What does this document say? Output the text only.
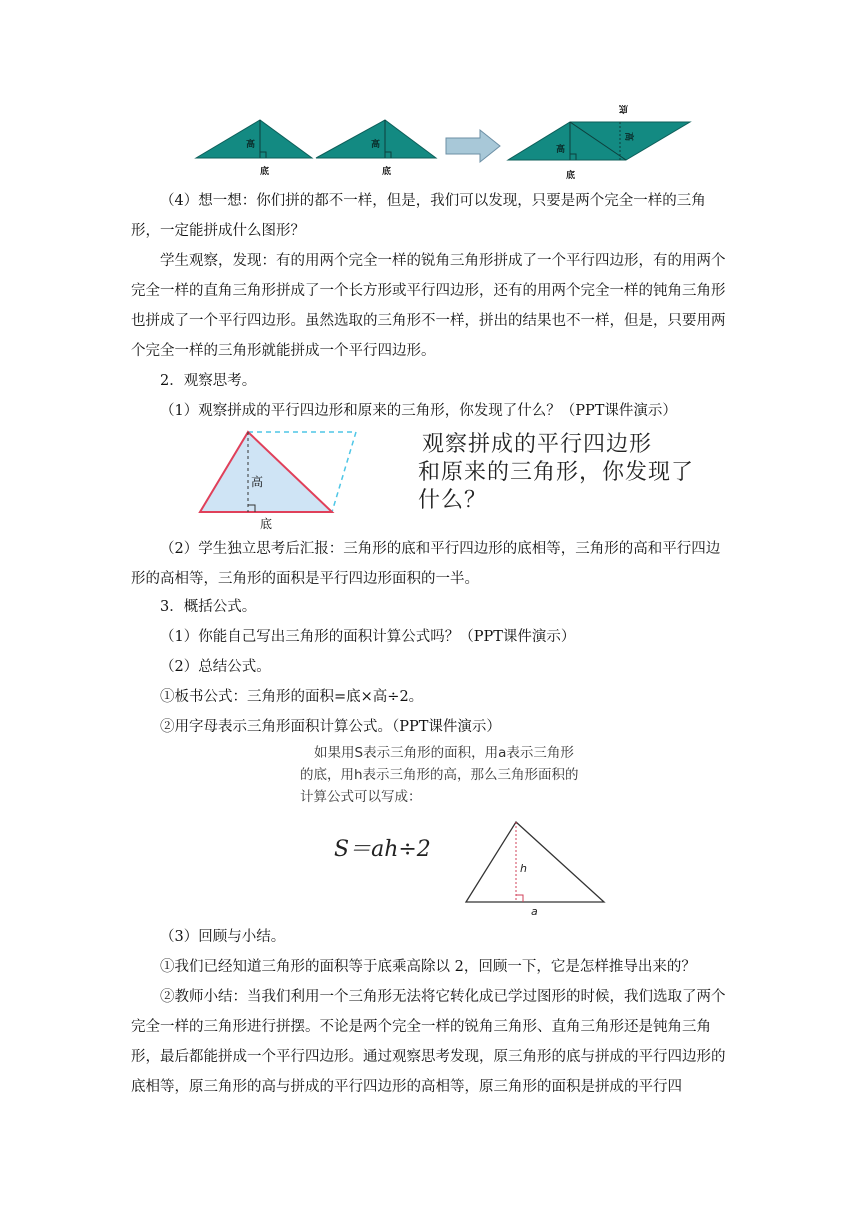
高
底
高
底
高
底
底
高
（4）想一想：你们拼的都不一样，但是，我们可以发现，只要是两个完全一样的三角
形，一定能拼成什么图形？

学生观察，发现：有的用两个完全一样的锐角三角形拼成了一个平行四边形，有的用两个完全一样的直角三角形拼成了一个长方形或平行四边形，还有的用两个完全一样的钝角三角形也拼成了一个平行四边形。虽然选取的三角形不一样，拼出的结果也不一样，但是，只要用两个完全一样的三角形就能拼成一个平行四边形。

2．观察思考。
（1）观察拼成的平行四边形和原来的三角形，你发现了什么？（PPT课件演示）
高
底
观察拼成的平行四边形
和原来的三角形，你发现了
什么？

（2）学生独立思考后汇报：三角形的底和平行四边形的底相等，三角形的高和平行四边形的高相等，三角形的面积是平行四边形面积的一半。

3．概括公式。
（1）你能自己写出三角形的面积计算公式吗？（PPT课件演示）
（2）总结公式。
①板书公式：三角形的面积=底×高÷2。
②用字母表示三角形面积计算公式。（PPT课件演示）
如果用S表示三角形的面积，用a表示三角形
的底，用h表示三角形的高，那么三角形面积的
计算公式可以写成：
S＝ah÷2
h
a
（3）回顾与小结。
①我们已经知道三角形的面积等于底乘高除以 2，回顾一下，它是怎样推导出来的？

②教师小结：当我们利用一个三角形无法将它转化成已学过图形的时候，我们选取了两个完全一样的三角形进行拼摆。不论是两个完全一样的锐角三角形、直角三角形还是钝角三角形，最后都能拼成一个平行四边形。通过观察思考发现，原三角形的底与拼成的平行四边形的底相等，原三角形的高与拼成的平行四边形的高相等，原三角形的面积是拼成的平行四
